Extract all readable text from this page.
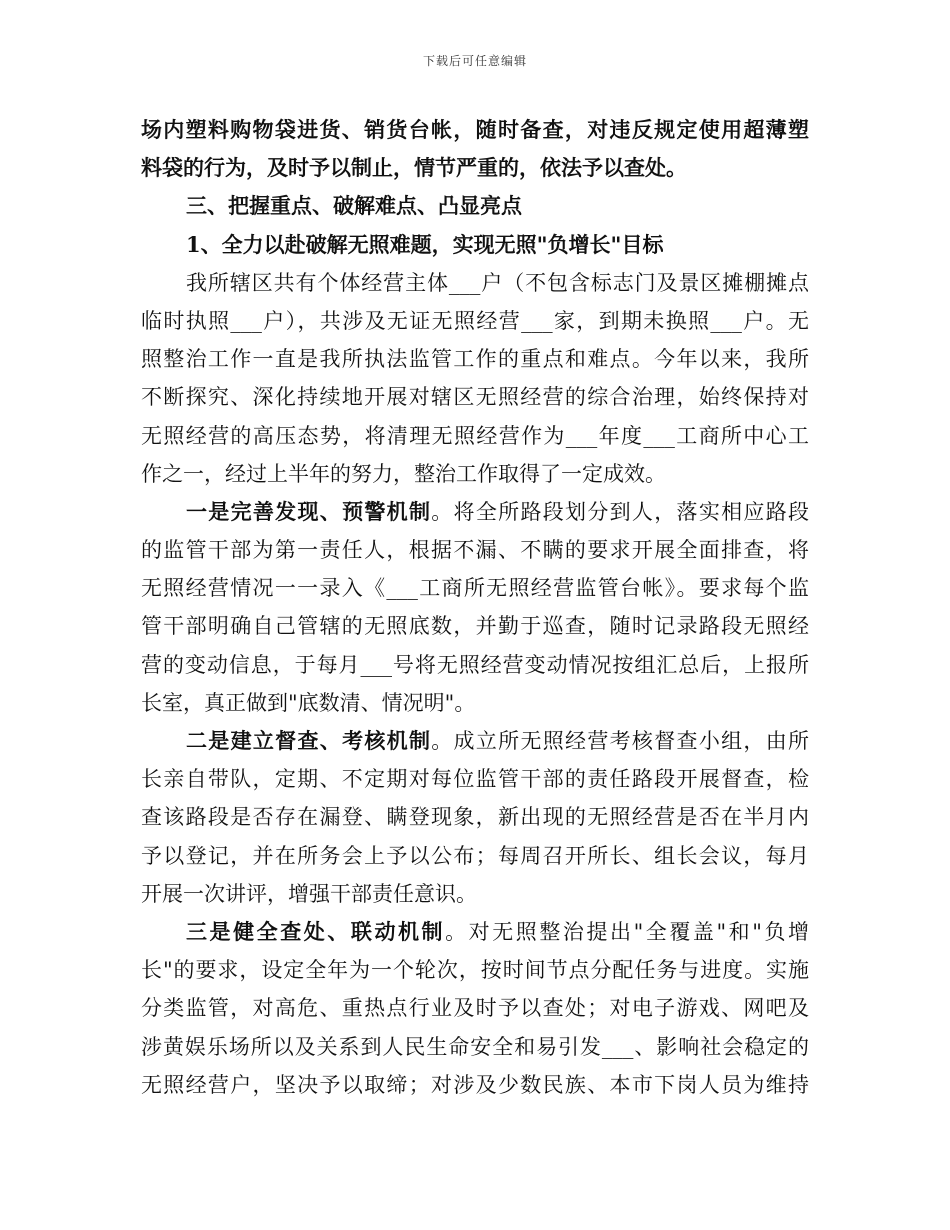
下载后可任意编辑
场内塑料购物袋进货、销货台帐，随时备查，对违反规定使用超薄塑
料袋的行为，及时予以制止，情节严重的，依法予以查处。
三、把握重点、破解难点、凸显亮点
1、全力以赴破解无照难题，实现无照"负增长"目标
我所辖区共有个体经营主体___户（不包含标志门及景区摊棚摊点
临时执照___户），共涉及无证无照经营___家，到期未换照___户。无
照整治工作一直是我所执法监管工作的重点和难点。今年以来，我所
不断探究、深化持续地开展对辖区无照经营的综合治理，始终保持对
无照经营的高压态势，将清理无照经营作为___年度___工商所中心工
作之一，经过上半年的努力，整治工作取得了一定成效。
一是完善发现、预警机制。将全所路段划分到人，落实相应路段
的监管干部为第一责任人，根据不漏、不瞒的要求开展全面排查，将
无照经营情况一一录入《___工商所无照经营监管台帐》。要求每个监
管干部明确自己管辖的无照底数，并勤于巡查，随时记录路段无照经
营的变动信息，于每月___号将无照经营变动情况按组汇总后，上报所
长室，真正做到"底数清、情况明"。
二是建立督查、考核机制。成立所无照经营考核督查小组，由所
长亲自带队，定期、不定期对每位监管干部的责任路段开展督查，检
查该路段是否存在漏登、瞒登现象，新出现的无照经营是否在半月内
予以登记，并在所务会上予以公布；每周召开所长、组长会议，每月
开展一次讲评，增强干部责任意识。
三是健全查处、联动机制。对无照整治提出"全覆盖"和"负增
长"的要求，设定全年为一个轮次，按时间节点分配任务与进度。实施
分类监管，对高危、重热点行业及时予以查处；对电子游戏、网吧及
涉黄娱乐场所以及关系到人民生命安全和易引发___、影响社会稳定的
无照经营户，坚决予以取缔；对涉及少数民族、本市下岗人员为维持
